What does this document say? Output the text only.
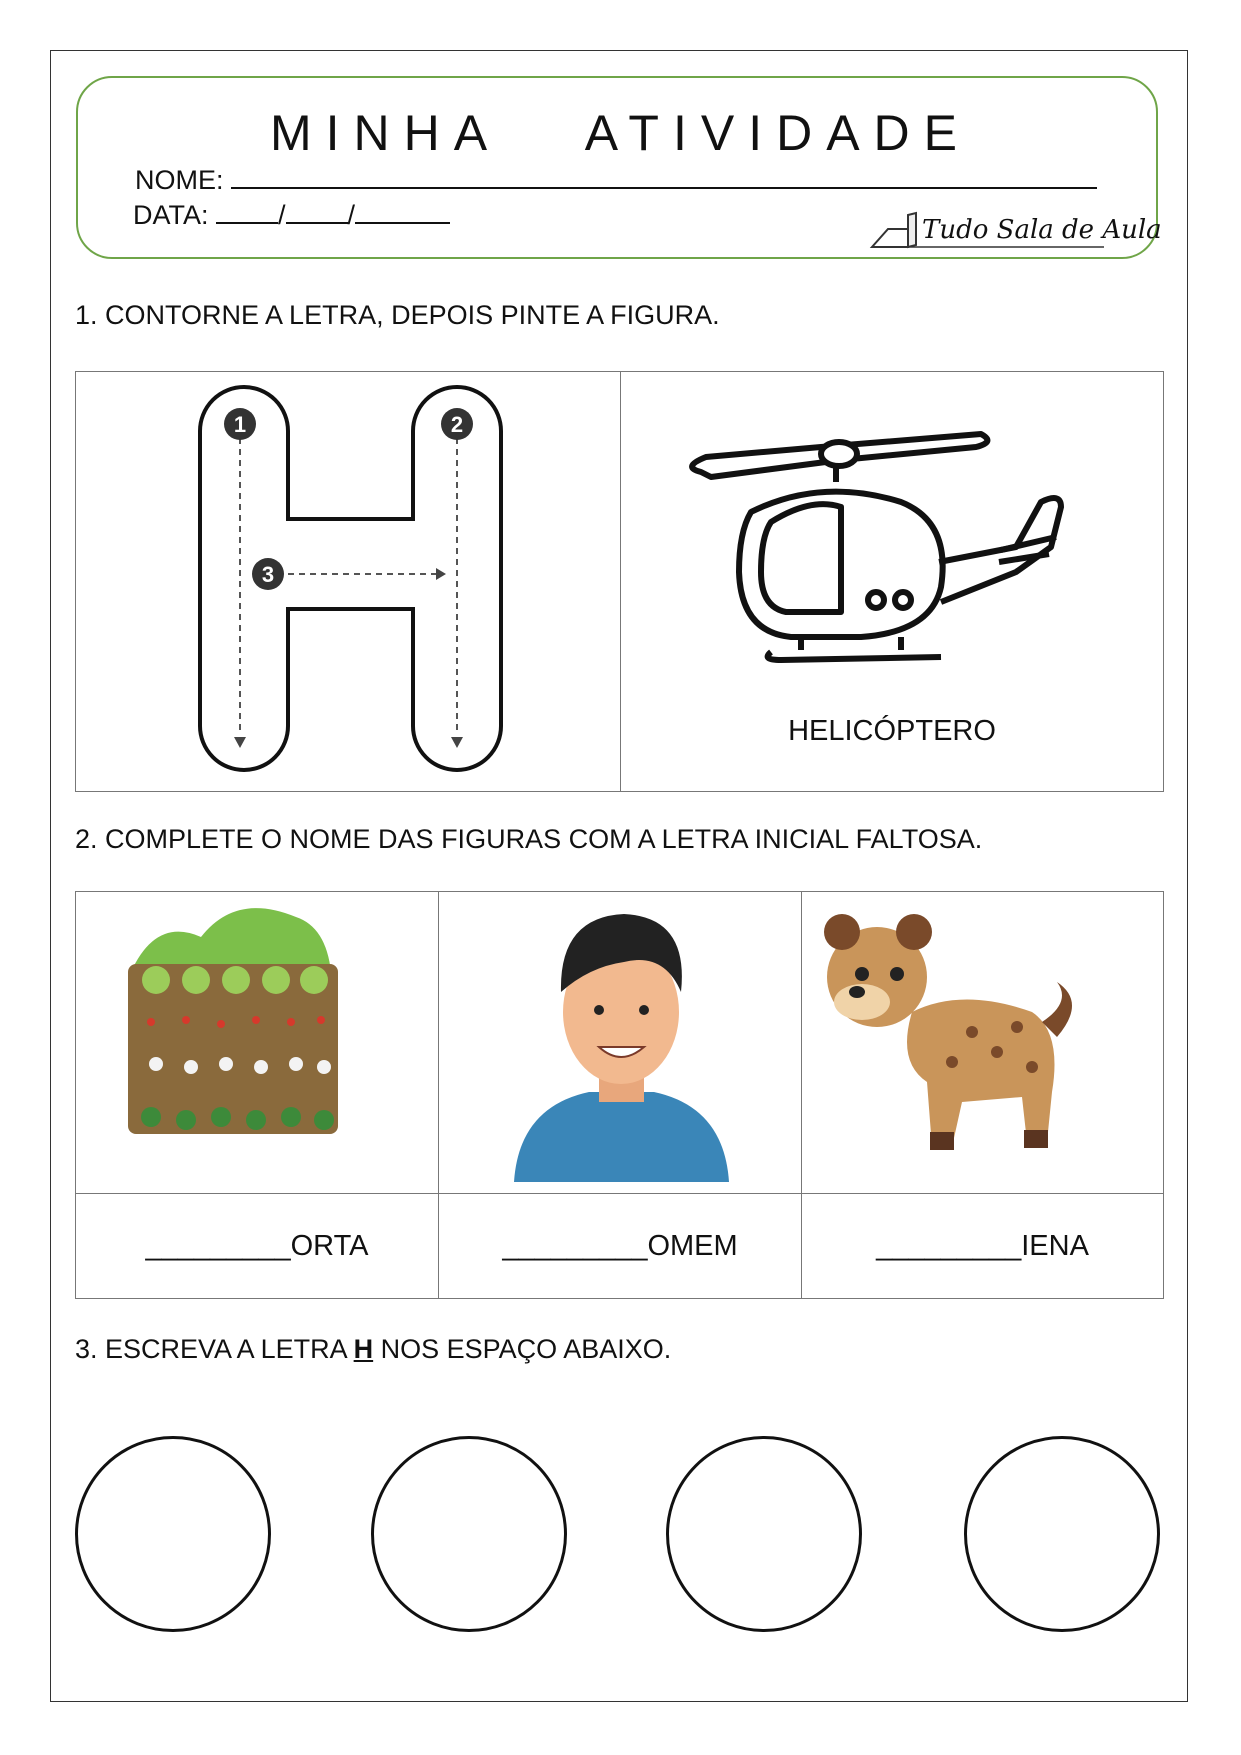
MINHA ATIVIDADE
NOME:
DATA:	/ /	Tudo Sala de Aula
1. CONTORNE A LETRA, DEPOIS PINTE A FIGURA.
1	2
3

HELICÓPTERO
2. COMPLETE O NOME DAS FIGURAS COM A LETRA INICIAL FALTOSA.

_________ORTA	_________OMEM	_________IENA
3. ESCREVA A LETRA H NOS ESPAÇO ABAIXO.
